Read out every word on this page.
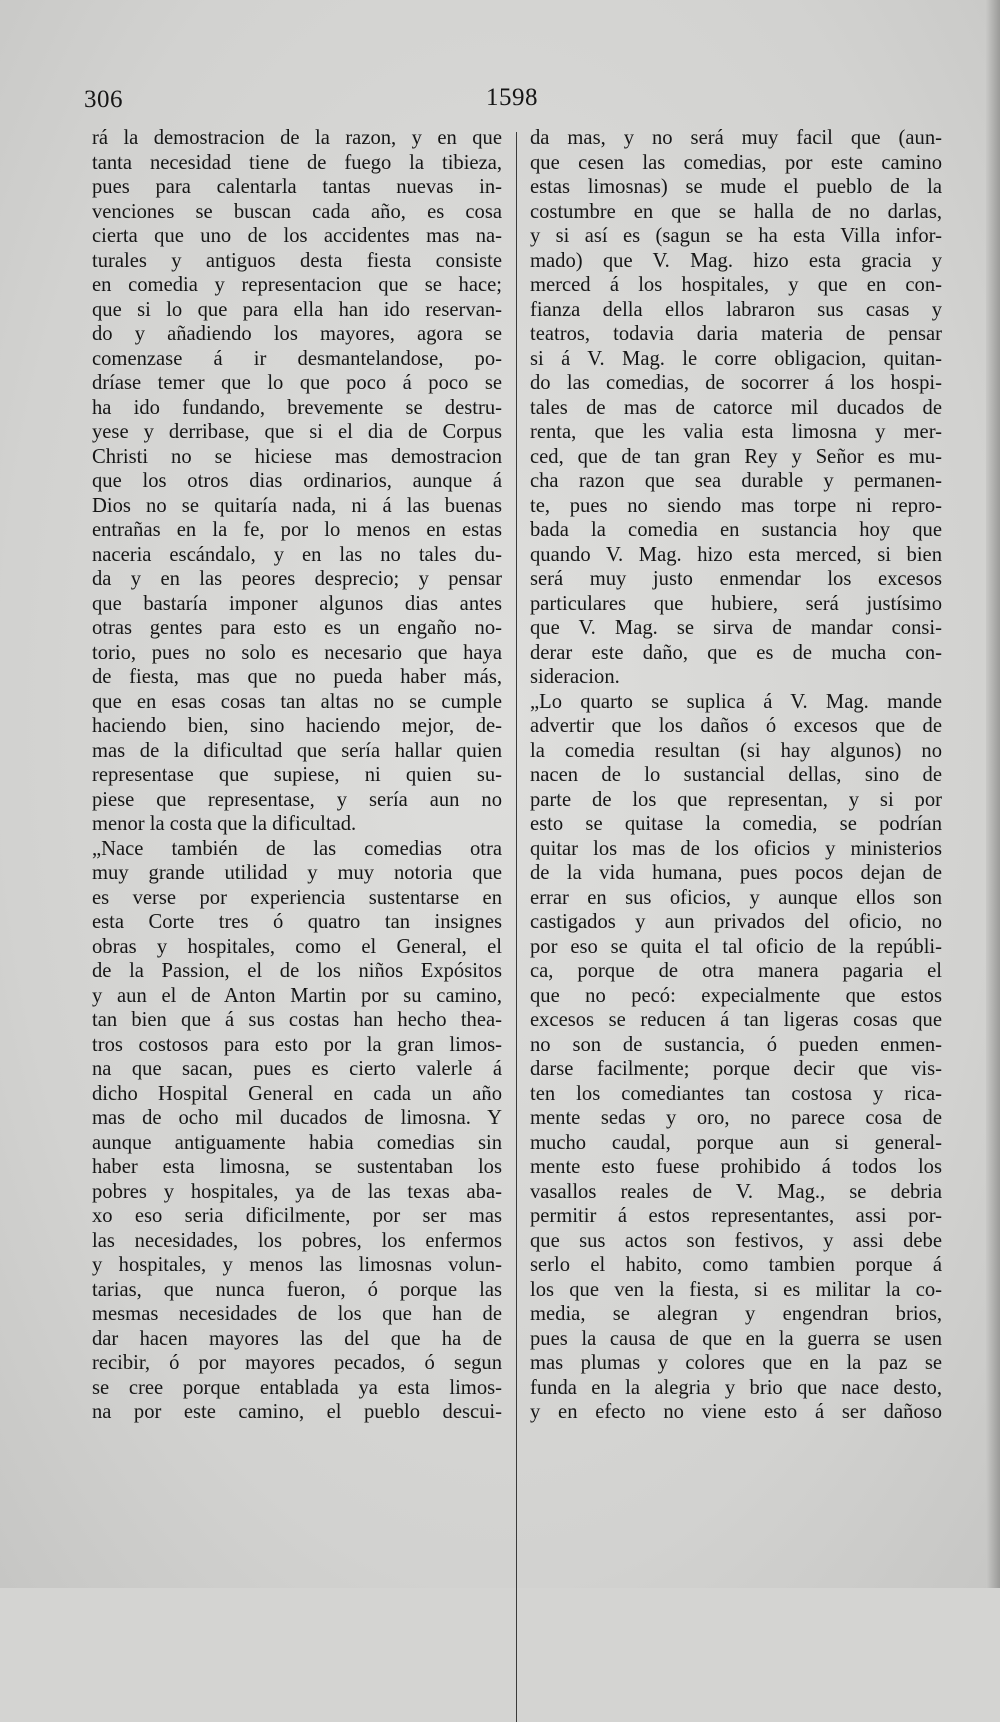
306	1598
rá la demostracion de la razon, y en que
tanta necesidad tiene de fuego la tibieza,
pues para calentarla tantas nuevas in-
venciones se buscan cada año, es cosa
cierta que uno de los accidentes mas na-
turales y antiguos desta fiesta consiste
en comedia y representacion que se hace;
que si lo que para ella han ido reservan-
do y añadiendo los mayores, agora se
comenzase á ir desmantelandose, po-
dríase temer que lo que poco á poco se
ha ido fundando, brevemente se destru-
yese y derribase, que si el dia de Corpus
Christi no se hiciese mas demostracion
que los otros dias ordinarios, aunque á
Dios no se quitaría nada, ni á las buenas
entrañas en la fe, por lo menos en estas
naceria escándalo, y en las no tales du-
da y en las peores desprecio; y pensar
que bastaría imponer algunos dias antes
otras gentes para esto es un engaño no-
torio, pues no solo es necesario que haya
de fiesta, mas que no pueda haber más,
que en esas cosas tan altas no se cumple
haciendo bien, sino haciendo mejor, de-
mas de la dificultad que sería hallar quien
representase que supiese, ni quien su-
piese que representase, y sería aun no
menor la costa que la dificultad.
„Nace también de las comedias otra
muy grande utilidad y muy notoria que
es verse por experiencia sustentarse en
esta Corte tres ó quatro tan insignes
obras y hospitales, como el General, el
de la Passion, el de los niños Expósitos
y aun el de Anton Martin por su camino,
tan bien que á sus costas han hecho thea-
tros costosos para esto por la gran limos-
na que sacan, pues es cierto valerle á
dicho Hospital General en cada un año
mas de ocho mil ducados de limosna. Y
aunque antiguamente habia comedias sin
haber esta limosna, se sustentaban los
pobres y hospitales, ya de las texas aba-
xo eso seria dificilmente, por ser mas
las necesidades, los pobres, los enfermos
y hospitales, y menos las limosnas volun-
tarias, que nunca fueron, ó porque las
mesmas necesidades de los que han de
dar hacen mayores las del que ha de
recibir, ó por mayores pecados, ó segun
se cree porque entablada ya esta limos-
na por este camino, el pueblo descui-
da mas, y no será muy facil que (aun-
que cesen las comedias, por este camino
estas limosnas) se mude el pueblo de la
costumbre en que se halla de no darlas,
y si así es (sagun se ha esta Villa infor-
mado) que V. Mag. hizo esta gracia y
merced á los hospitales, y que en con-
fianza della ellos labraron sus casas y
teatros, todavia daria materia de pensar
si á V. Mag. le corre obligacion, quitan-
do las comedias, de socorrer á los hospi-
tales de mas de catorce mil ducados de
renta, que les valia esta limosna y mer-
ced, que de tan gran Rey y Señor es mu-
cha razon que sea durable y permanen-
te, pues no siendo mas torpe ni repro-
bada la comedia en sustancia hoy que
quando V. Mag. hizo esta merced, si bien
será muy justo enmendar los excesos
particulares que hubiere, será justísimo
que V. Mag. se sirva de mandar consi-
derar este daño, que es de mucha con-
sideracion.
„Lo quarto se suplica á V. Mag. mande
advertir que los daños ó excesos que de
la comedia resultan (si hay algunos) no
nacen de lo sustancial dellas, sino de
parte de los que representan, y si por
esto se quitase la comedia, se podrían
quitar los mas de los oficios y ministerios
de la vida humana, pues pocos dejan de
errar en sus oficios, y aunque ellos son
castigados y aun privados del oficio, no
por eso se quita el tal oficio de la repúbli-
ca, porque de otra manera pagaria el
que no pecó: expecialmente que estos
excesos se reducen á tan ligeras cosas que
no son de sustancia, ó pueden enmen-
darse facilmente; porque decir que vis-
ten los comediantes tan costosa y rica-
mente sedas y oro, no parece cosa de
mucho caudal, porque aun si general-
mente esto fuese prohibido á todos los
vasallos reales de V. Mag., se debria
permitir á estos representantes, assi por-
que sus actos son festivos, y assi debe
serlo el habito, como tambien porque á
los que ven la fiesta, si es militar la co-
media, se alegran y engendran brios,
pues la causa de que en la guerra se usen
mas plumas y colores que en la paz se
funda en la alegria y brio que nace desto,
y en efecto no viene esto á ser dañoso
